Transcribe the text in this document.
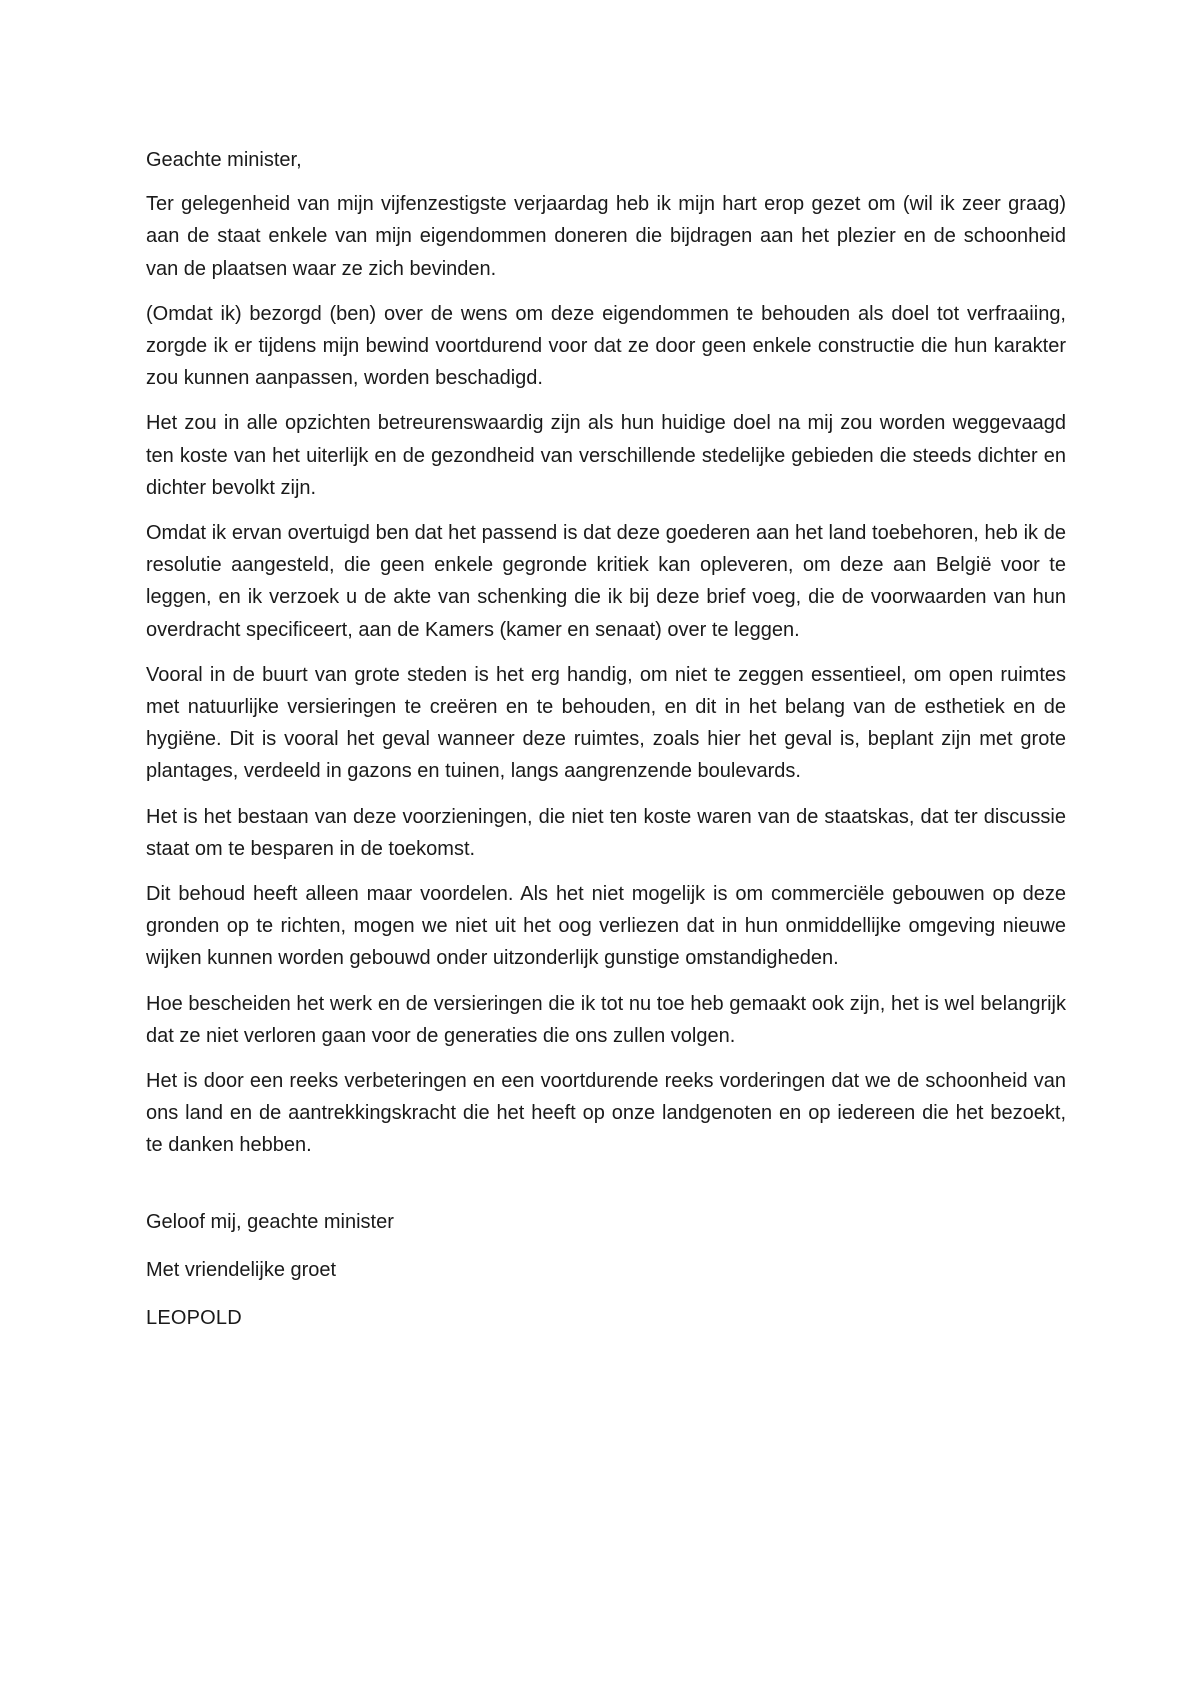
Geachte minister,

Ter gelegenheid van mijn vijfenzestigste verjaardag heb ik mijn hart erop gezet om (wil ik zeer graag) aan de staat enkele van mijn eigendommen doneren die bijdragen aan het plezier en de schoonheid van de plaatsen waar ze zich bevinden.

(Omdat ik) bezorgd (ben) over de wens om deze eigendommen te behouden als doel tot verfraaiing, zorgde ik er tijdens mijn bewind voortdurend voor dat ze door geen enkele constructie die hun karakter zou kunnen aanpassen, worden beschadigd.

Het zou in alle opzichten betreurenswaardig zijn als hun huidige doel na mij zou worden weggevaagd ten koste van het uiterlijk en de gezondheid van verschillende stedelijke gebieden die steeds dichter en dichter bevolkt zijn.

Omdat ik ervan overtuigd ben dat het passend is dat deze goederen aan het land toebehoren, heb ik de resolutie aangesteld, die geen enkele gegronde kritiek kan opleveren, om deze aan België voor te leggen, en ik verzoek u de akte van schenking die ik bij deze brief voeg, die de voorwaarden van hun overdracht specificeert, aan de Kamers (kamer en senaat) over te leggen.

Vooral in de buurt van grote steden is het erg handig, om niet te zeggen essentieel, om open ruimtes met natuurlijke versieringen te creëren en te behouden, en dit in het belang van de esthetiek en de hygiëne. Dit is vooral het geval wanneer deze ruimtes, zoals hier het geval is, beplant zijn met grote plantages, verdeeld in gazons en tuinen, langs aangrenzende boulevards.

Het is het bestaan van deze voorzieningen, die niet ten koste waren van de staatskas, dat ter discussie staat om te besparen in de toekomst.

Dit behoud heeft alleen maar voordelen. Als het niet mogelijk is om commerciële gebouwen op deze gronden op te richten, mogen we niet uit het oog verliezen dat in hun onmiddellijke omgeving nieuwe wijken kunnen worden gebouwd onder uitzonderlijk gunstige omstandigheden.

Hoe bescheiden het werk en de versieringen die ik tot nu toe heb gemaakt ook zijn, het is wel belangrijk dat ze niet verloren gaan voor de generaties die ons zullen volgen.

Het is door een reeks verbeteringen en een voortdurende reeks vorderingen dat we de schoonheid van ons land en de aantrekkingskracht die het heeft op onze landgenoten en op iedereen die het bezoekt, te danken hebben.

Geloof mij, geachte minister

Met vriendelijke groet

LEOPOLD
